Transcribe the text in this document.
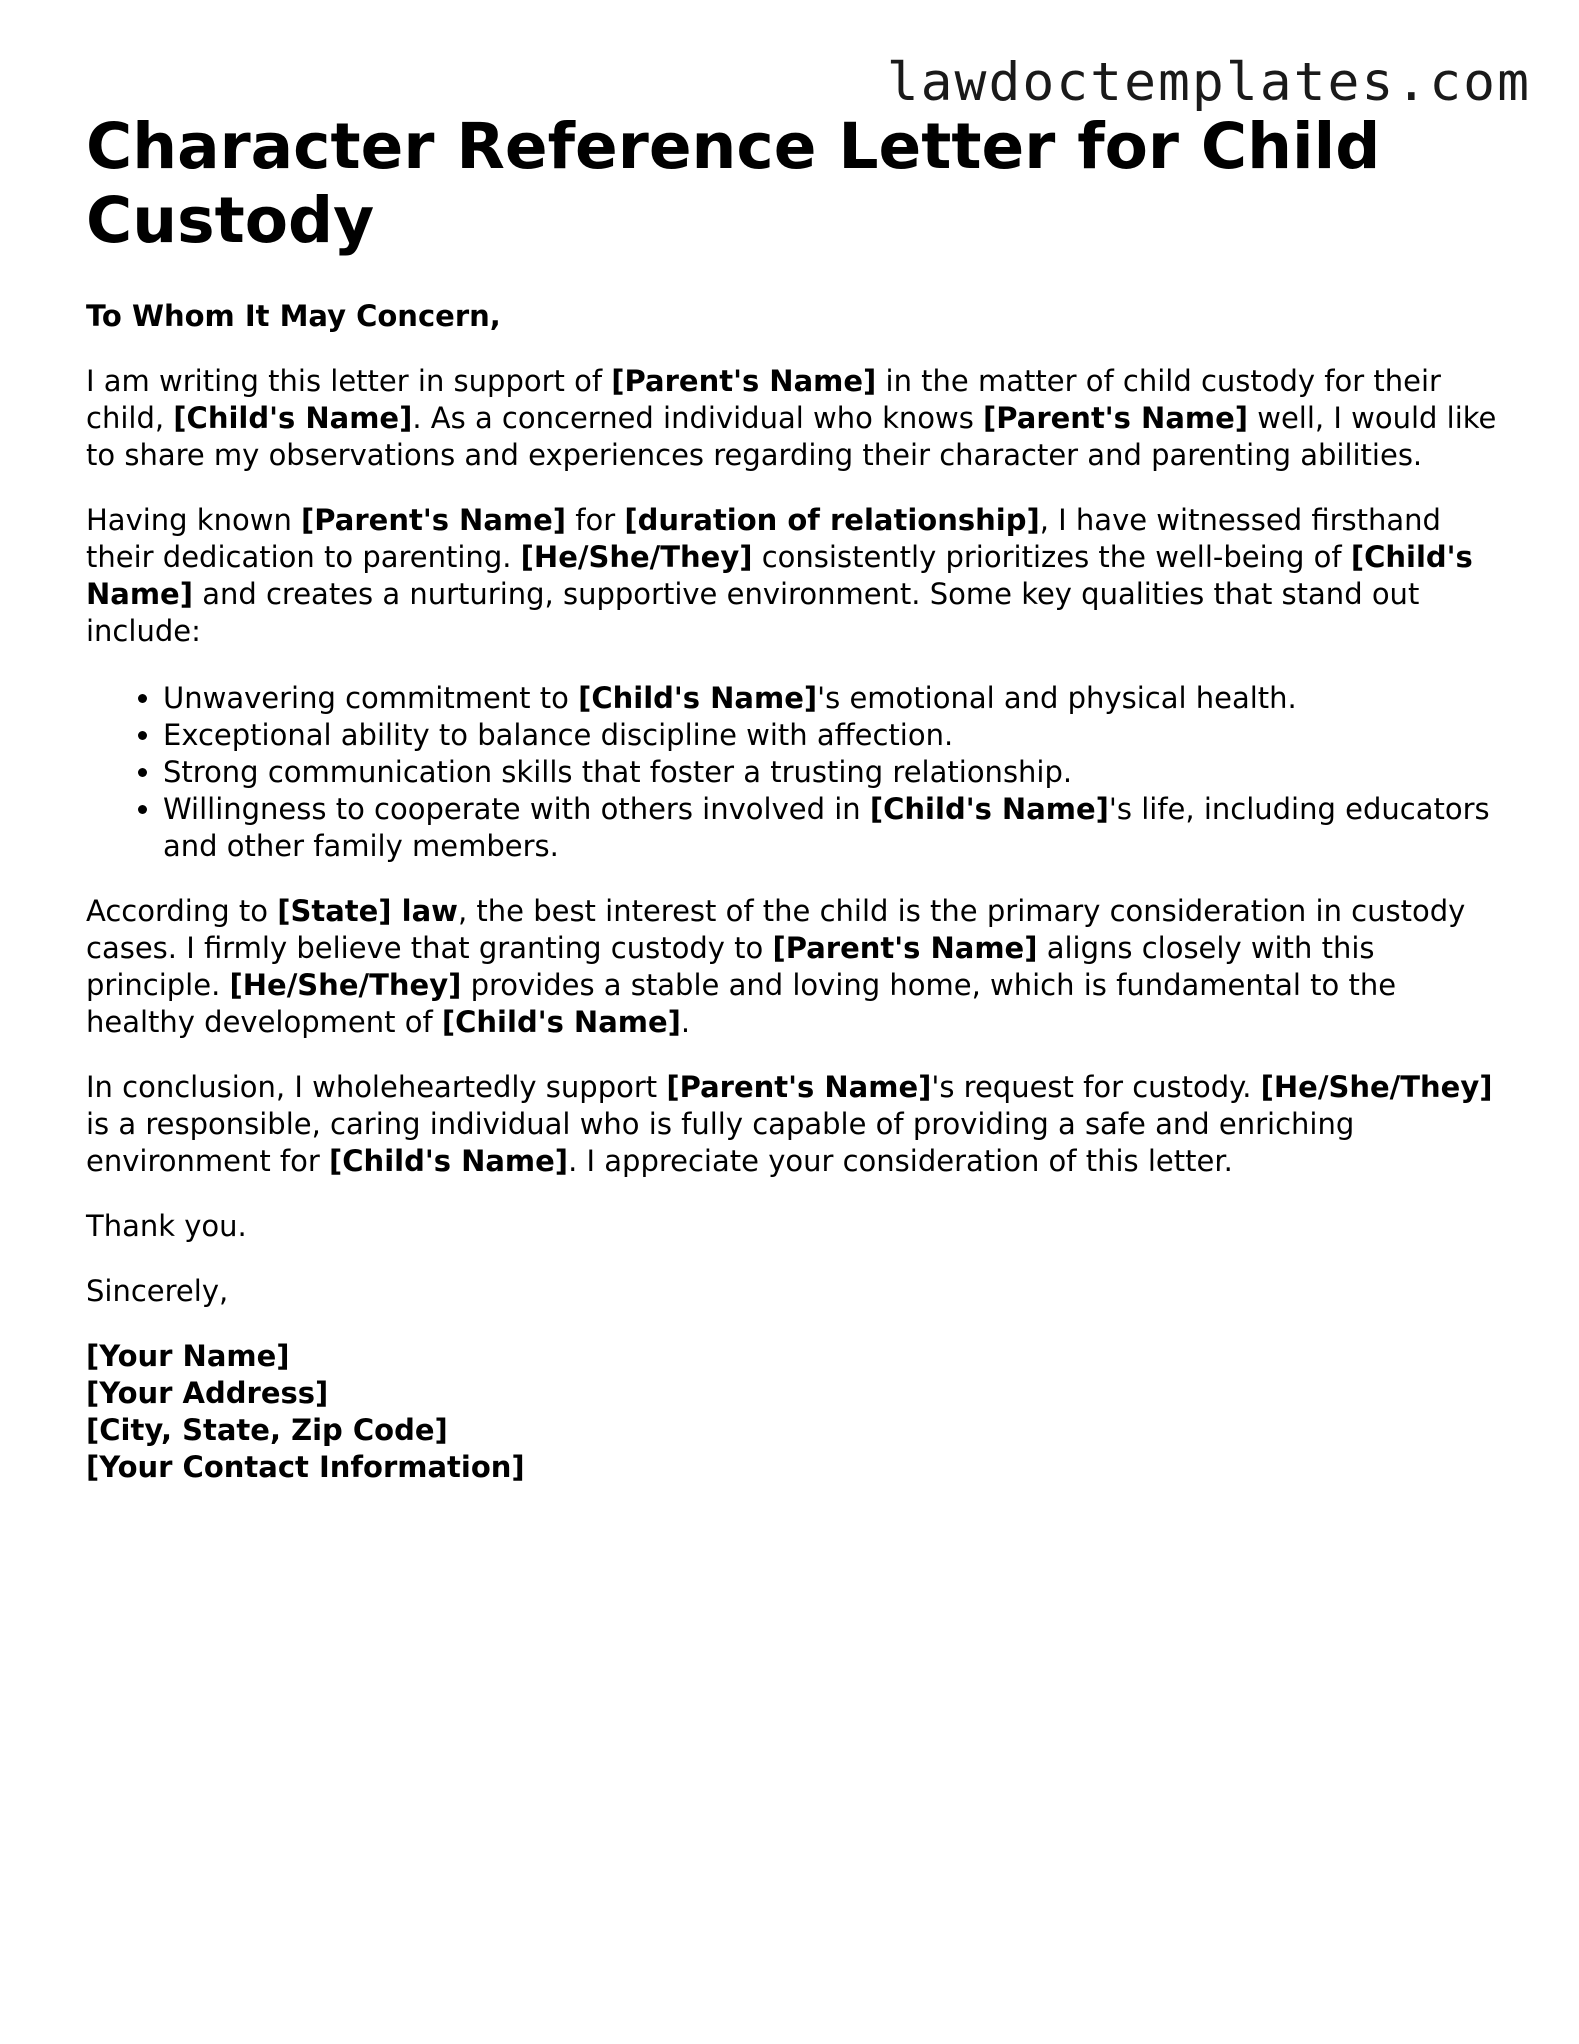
lawdoctemplates.com
Character Reference Letter for Child Custody
To Whom It May Concern,

I am writing this letter in support of [Parent's Name] in the matter of child custody for their child, [Child's Name]. As a concerned individual who knows [Parent's Name] well, I would like to share my observations and experiences regarding their character and parenting abilities.

Having known [Parent's Name] for [duration of relationship], I have witnessed firsthand their dedication to parenting. [He/She/They] consistently prioritizes the well-being of [Child's Name] and creates a nurturing, supportive environment. Some key qualities that stand out include:

• Unwavering commitment to [Child's Name]'s emotional and physical health.
• Exceptional ability to balance discipline with affection.
• Strong communication skills that foster a trusting relationship.
• Willingness to cooperate with others involved in [Child's Name]'s life, including educators and other family members.

According to [State] law, the best interest of the child is the primary consideration in custody cases. I firmly believe that granting custody to [Parent's Name] aligns closely with this principle. [He/She/They] provides a stable and loving home, which is fundamental to the healthy development of [Child's Name].

In conclusion, I wholeheartedly support [Parent's Name]'s request for custody. [He/She/They] is a responsible, caring individual who is fully capable of providing a safe and enriching environment for [Child's Name]. I appreciate your consideration of this letter.

Thank you.

Sincerely,

[Your Name]
[Your Address]
[City, State, Zip Code]
[Your Contact Information]
